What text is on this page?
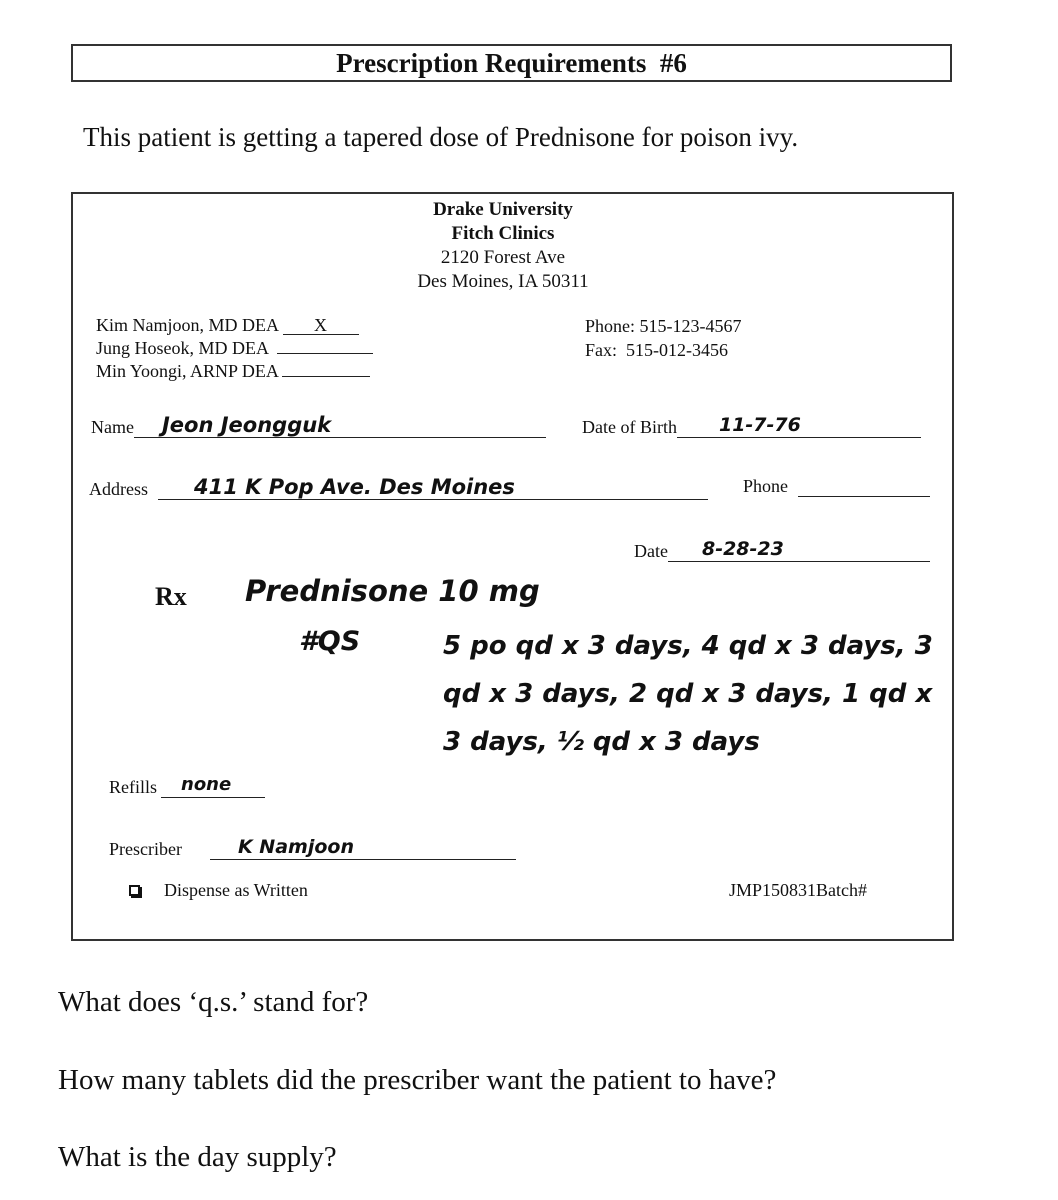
Prescription Requirements  #6
This patient is getting a tapered dose of Prednisone for poison ivy.
Drake University
Fitch Clinics
2120 Forest Ave
Des Moines, IA 50311
Kim Namjoon, MD DEA X
Jung Hoseok, MD DEA
Min Yoongi, ARNP DEA
Phone: 515-123-4567
Fax:  515-012-3456
Name	Jeon Jeongguk	Date of Birth	11-7-76
Address	411 K Pop Ave. Des Moines	Phone
Date	8-28-23
Rx Prednisone 10 mg
#QS	5 po qd x 3 days, 4 qd x 3 days, 3
qd x 3 days, 2 qd x 3 days, 1 qd x
3 days, ½ qd x 3 days
Refills	none
Prescriber	K Namjoon
Dispense as Written	JMP150831Batch#
What does ‘q.s.’ stand for?
How many tablets did the prescriber want the patient to have?
What is the day supply?
